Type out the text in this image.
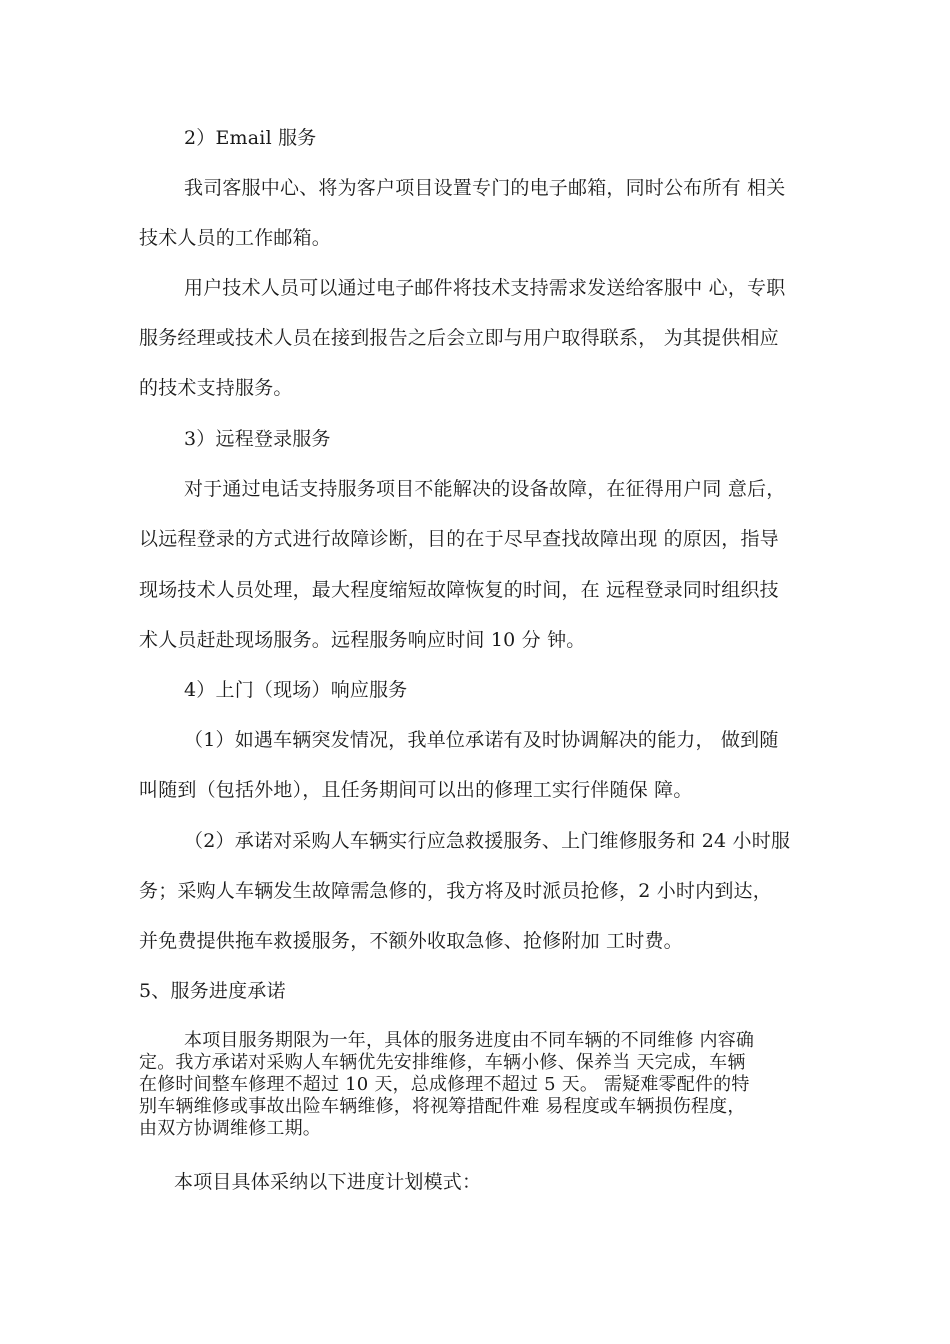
2）Email 服务
我司客服中心、将为客户项目设置专门的电子邮箱，同时公布所有 相关
技术人员的工作邮箱。
用户技术人员可以通过电子邮件将技术支持需求发送给客服中 心，专职
服务经理或技术人员在接到报告之后会立即与用户取得联系， 为其提供相应
的技术支持服务。
3）远程登录服务
对于通过电话支持服务项目不能解决的设备故障，在征得用户同 意后，
以远程登录的方式进行故障诊断，目的在于尽早查找故障出现 的原因，指导
现场技术人员处理，最大程度缩短故障恢复的时间，在 远程登录同时组织技
术人员赶赴现场服务。远程服务响应时间 10 分 钟。
4）上门（现场）响应服务
（1）如遇车辆突发情况，我单位承诺有及时协调解决的能力， 做到随
叫随到（包括外地），且任务期间可以出的修理工实行伴随保 障。
（2）承诺对采购人车辆实行应急救援服务、上门维修服务和 24 小时服
务；采购人车辆发生故障需急修的，我方将及时派员抢修，2 小时内到达，
并免费提供拖车救援服务，不额外收取急修、抢修附加 工时费。
5、服务进度承诺
本项目服务期限为一年，具体的服务进度由不同车辆的不同维修 内容确
定。我方承诺对采购人车辆优先安排维修，车辆小修、保养当 天完成，车辆
在修时间整车修理不超过 10 天，总成修理不超过 5 天。 需疑难零配件的特
别车辆维修或事故出险车辆维修，将视筹措配件难 易程度或车辆损伤程度，
由双方协调维修工期。
本项目具体采纳以下进度计划模式：
